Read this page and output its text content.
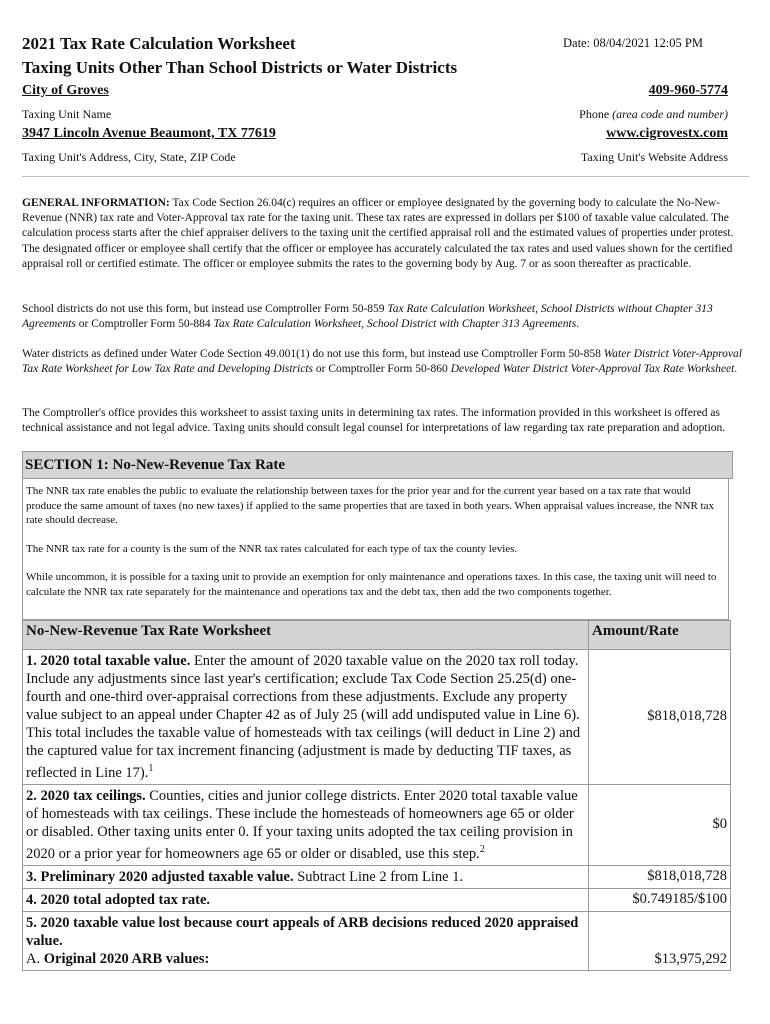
2021 Tax Rate Calculation Worksheet	Date: 08/04/2021 12:05 PM
Taxing Units Other Than School Districts or Water Districts
City of Groves	409-960-5774
Taxing Unit Name	Phone (area code and number)
3947 Lincoln Avenue Beaumont, TX 77619	www.cigrovestx.com
Taxing Unit's Address, City, State, ZIP Code	Taxing Unit's Website Address
GENERAL INFORMATION: Tax Code Section 26.04(c) requires an officer or employee designated by the governing body to calculate the No-New-Revenue (NNR) tax rate and Voter-Approval tax rate for the taxing unit. These tax rates are expressed in dollars per $100 of taxable value calculated. The calculation process starts after the chief appraiser delivers to the taxing unit the certified appraisal roll and the estimated values of properties under protest. The designated officer or employee shall certify that the officer or employee has accurately calculated the tax rates and used values shown for the certified appraisal roll or certified estimate. The officer or employee submits the rates to the governing body by Aug. 7 or as soon thereafter as practicable.
School districts do not use this form, but instead use Comptroller Form 50-859 Tax Rate Calculation Worksheet, School Districts without Chapter 313 Agreements or Comptroller Form 50-884 Tax Rate Calculation Worksheet, School District with Chapter 313 Agreements.
Water districts as defined under Water Code Section 49.001(1) do not use this form, but instead use Comptroller Form 50-858 Water District Voter-Approval Tax Rate Worksheet for Low Tax Rate and Developing Districts or Comptroller Form 50-860 Developed Water District Voter-Approval Tax Rate Worksheet.
The Comptroller's office provides this worksheet to assist taxing units in determining tax rates. The information provided in this worksheet is offered as technical assistance and not legal advice. Taxing units should consult legal counsel for interpretations of law regarding tax rate preparation and adoption.
SECTION 1: No-New-Revenue Tax Rate
The NNR tax rate enables the public to evaluate the relationship between taxes for the prior year and for the current year based on a tax rate that would produce the same amount of taxes (no new taxes) if applied to the same properties that are taxed in both years. When appraisal values increase, the NNR tax rate should decrease.
The NNR tax rate for a county is the sum of the NNR tax rates calculated for each type of tax the county levies.
While uncommon, it is possible for a taxing unit to provide an exemption for only maintenance and operations taxes. In this case, the taxing unit will need to calculate the NNR tax rate separately for the maintenance and operations tax and the debt tax, then add the two components together.
No-New-Revenue Tax Rate Worksheet	Amount/Rate
1. 2020 total taxable value. Enter the amount of 2020 taxable value on the 2020 tax roll today. Include any adjustments since last year's certification; exclude Tax Code Section 25.25(d) one-fourth and one-third over-appraisal corrections from these adjustments. Exclude any property value subject to an appeal under Chapter 42 as of July 25 (will add undisputed value in Line 6). This total includes the taxable value of homesteads with tax ceilings (will deduct in Line 2) and the captured value for tax increment financing (adjustment is made by deducting TIF taxes, as reflected in Line 17).$^1$	$818,018,728
2. 2020 tax ceilings. Counties, cities and junior college districts. Enter 2020 total taxable value of homesteads with tax ceilings. These include the homesteads of homeowners age 65 or older or disabled. Other taxing units enter 0. If your taxing units adopted the tax ceiling provision in 2020 or a prior year for homeowners age 65 or older or disabled, use this step.$^2$	$0
3. Preliminary 2020 adjusted taxable value. Subtract Line 2 from Line 1.	$818,018,728
4. 2020 total adopted tax rate.	$0.749185/$100
5. 2020 taxable value lost because court appeals of ARB decisions reduced 2020 appraised value.
A. Original 2020 ARB values:	$13,975,292
